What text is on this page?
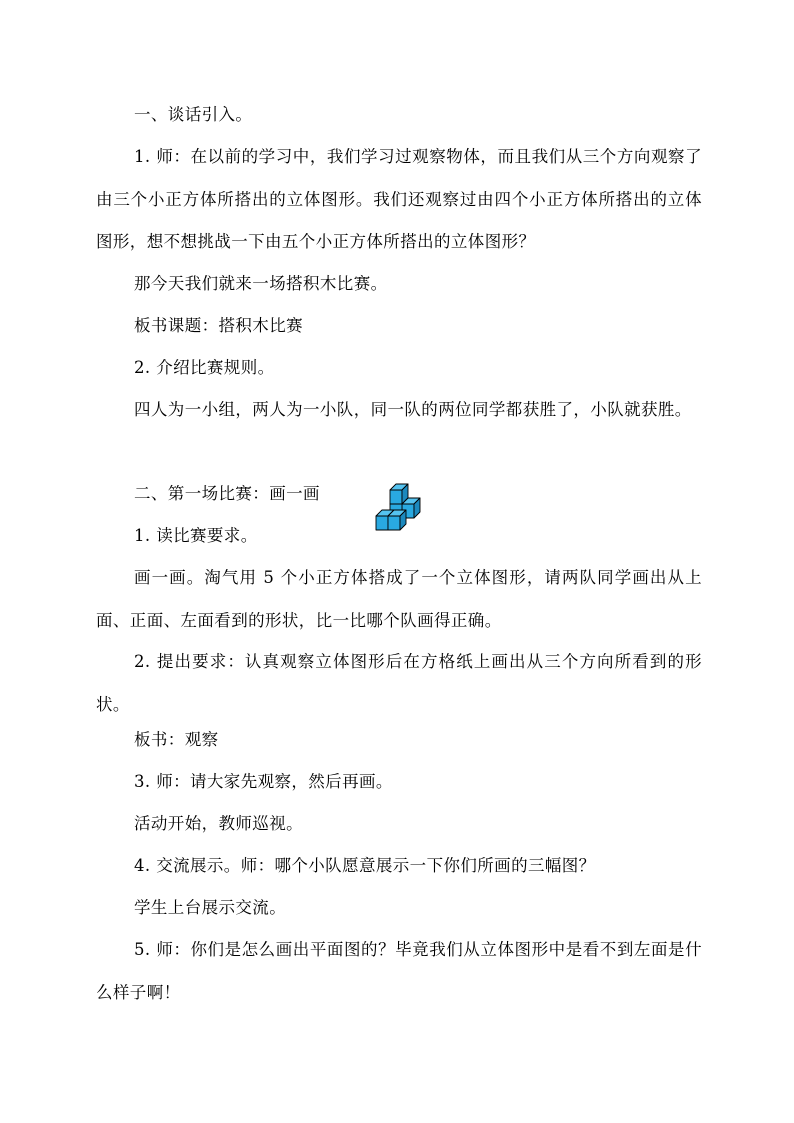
一、谈话引入。

1. 师：在以前的学习中，我们学习过观察物体，而且我们从三个方向观察了由三个小正方体所搭出的立体图形。我们还观察过由四个小正方体所搭出的立体图形，想不想挑战一下由五个小正方体所搭出的立体图形？

那今天我们就来一场搭积木比赛。

板书课题：搭积木比赛

2. 介绍比赛规则。

四人为一小组，两人为一小队，同一队的两位同学都获胜了，小队就获胜。

二、第一场比赛：画一画

1. 读比赛要求。

画一画。淘气用 5 个小正方体搭成了一个立体图形，请两队同学画出从上面、正面、左面看到的形状，比一比哪个队画得正确。

2. 提出要求：认真观察立体图形后在方格纸上画出从三个方向所看到的形状。

板书：观察

3. 师：请大家先观察，然后再画。

活动开始，教师巡视。

4. 交流展示。师：哪个小队愿意展示一下你们所画的三幅图？

学生上台展示交流。

5. 师：你们是怎么画出平面图的？毕竟我们从立体图形中是看不到左面是什么样子啊！
